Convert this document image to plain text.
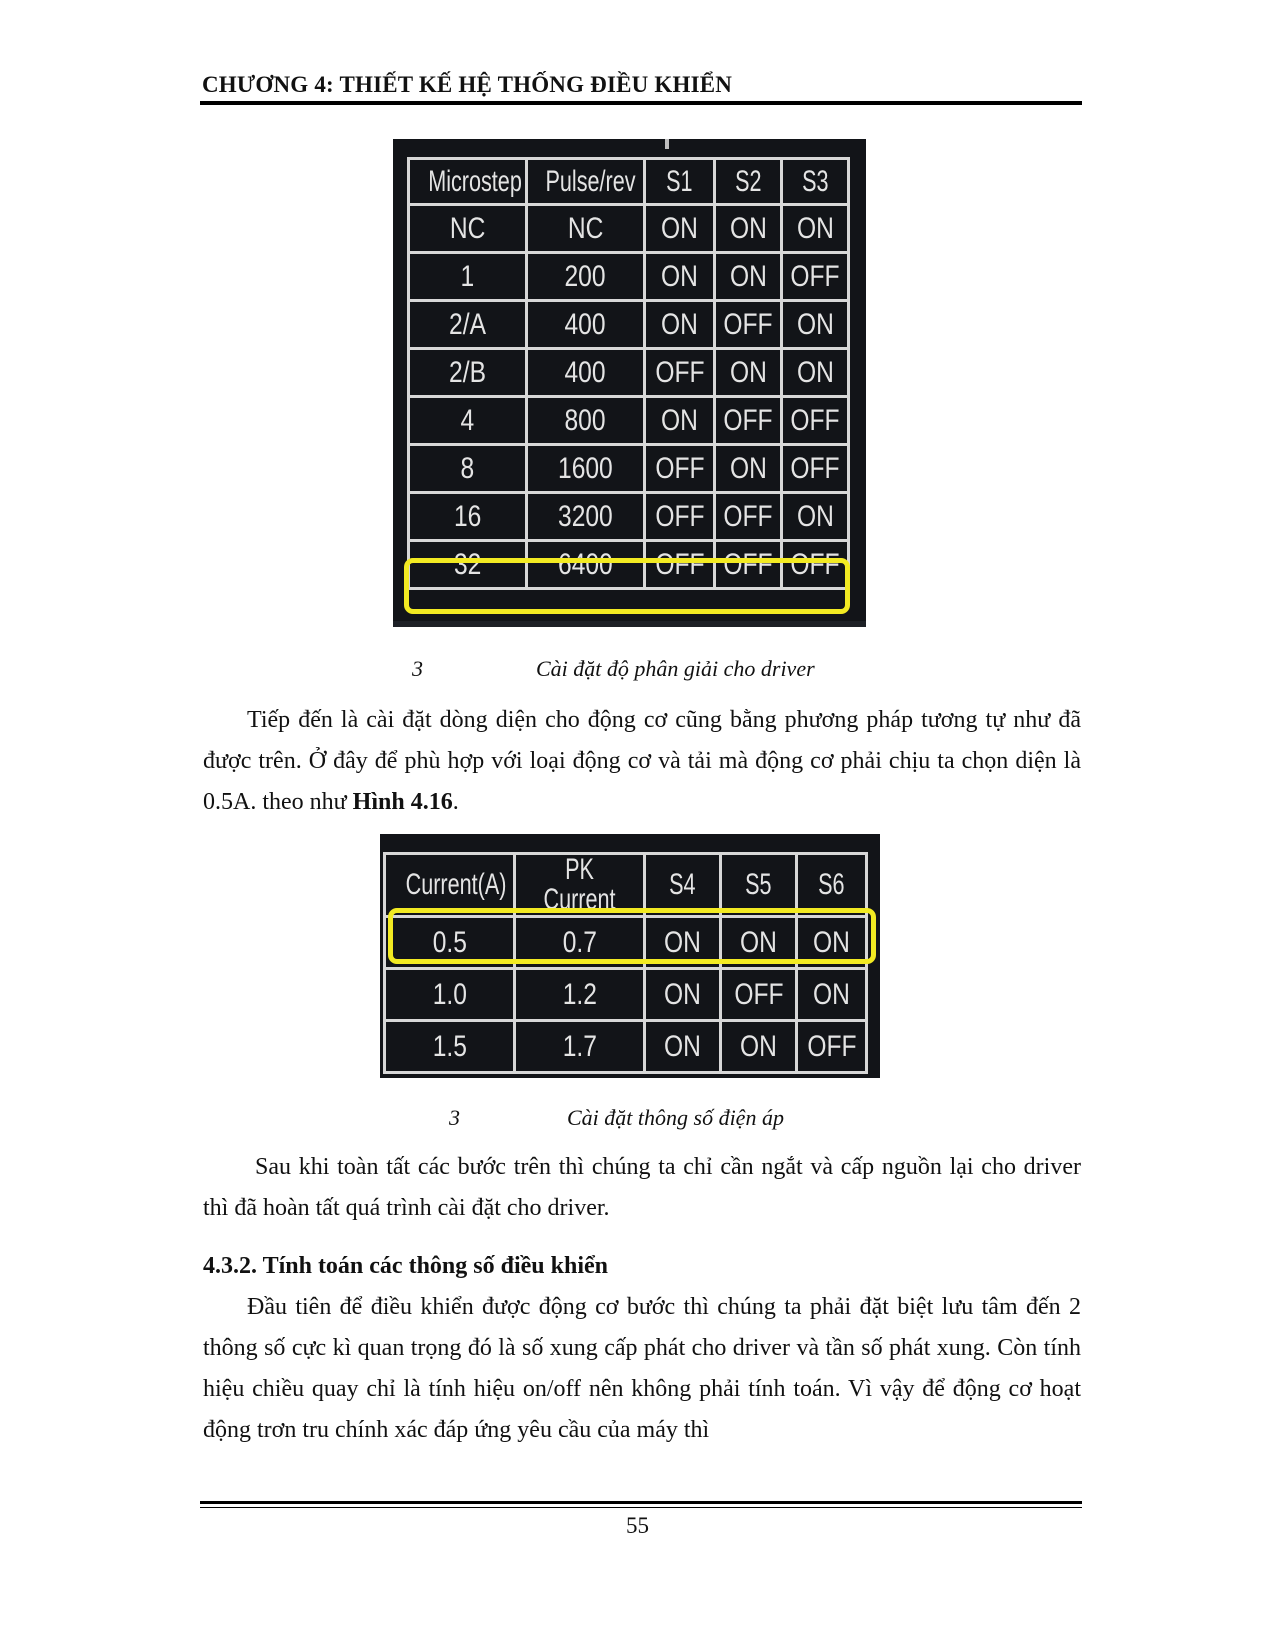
CHƯƠNG 4: THIẾT KẾ HỆ THỐNG ĐIỀU KHIỂN
Microstep	Pulse/rev	S1	S2	S3
NC	NC	ON	ON	ON
1	200	ON	ON	OFF
2/A	400	ON	OFF	ON
2/B	400	OFF	ON	ON
4	800	ON	OFF	OFF
8	1600	OFF	ON	OFF
16	3200	OFF	OFF	ON
32	6400	OFF	OFF	OFF
3	Cài đặt độ phân giải cho driver

Tiếp đến là cài đặt dòng diện cho động cơ cũng bằng phương pháp tương tự như đã được trên. Ở đây để phù hợp với loại động cơ và tải mà động cơ phải chịu ta chọn diện là 0.5A. theo như Hình 4.16.

Current(A)	PK Current	S4	S5	S6
0.5	0.7	ON	ON	ON
1.0	1.2	ON	OFF	ON
1.5	1.7	ON	ON	OFF
3	Cài đặt thông số điện áp

Sau khi toàn tất các bước trên thì chúng ta chỉ cần ngắt và cấp nguồn lại cho driver thì đã hoàn tất quá trình cài đặt cho driver.

4.3.2. Tính toán các thông số điều khiển

Đầu tiên để điều khiển được động cơ bước thì chúng ta phải đặt biệt lưu tâm đến 2 thông số cực kì quan trọng đó là số xung cấp phát cho driver và tần số phát xung. Còn tính hiệu chiều quay chỉ là tính hiệu on/off nên không phải tính toán. Vì vậy để động cơ hoạt động trơn tru chính xác đáp ứng yêu cầu của máy thì

55
